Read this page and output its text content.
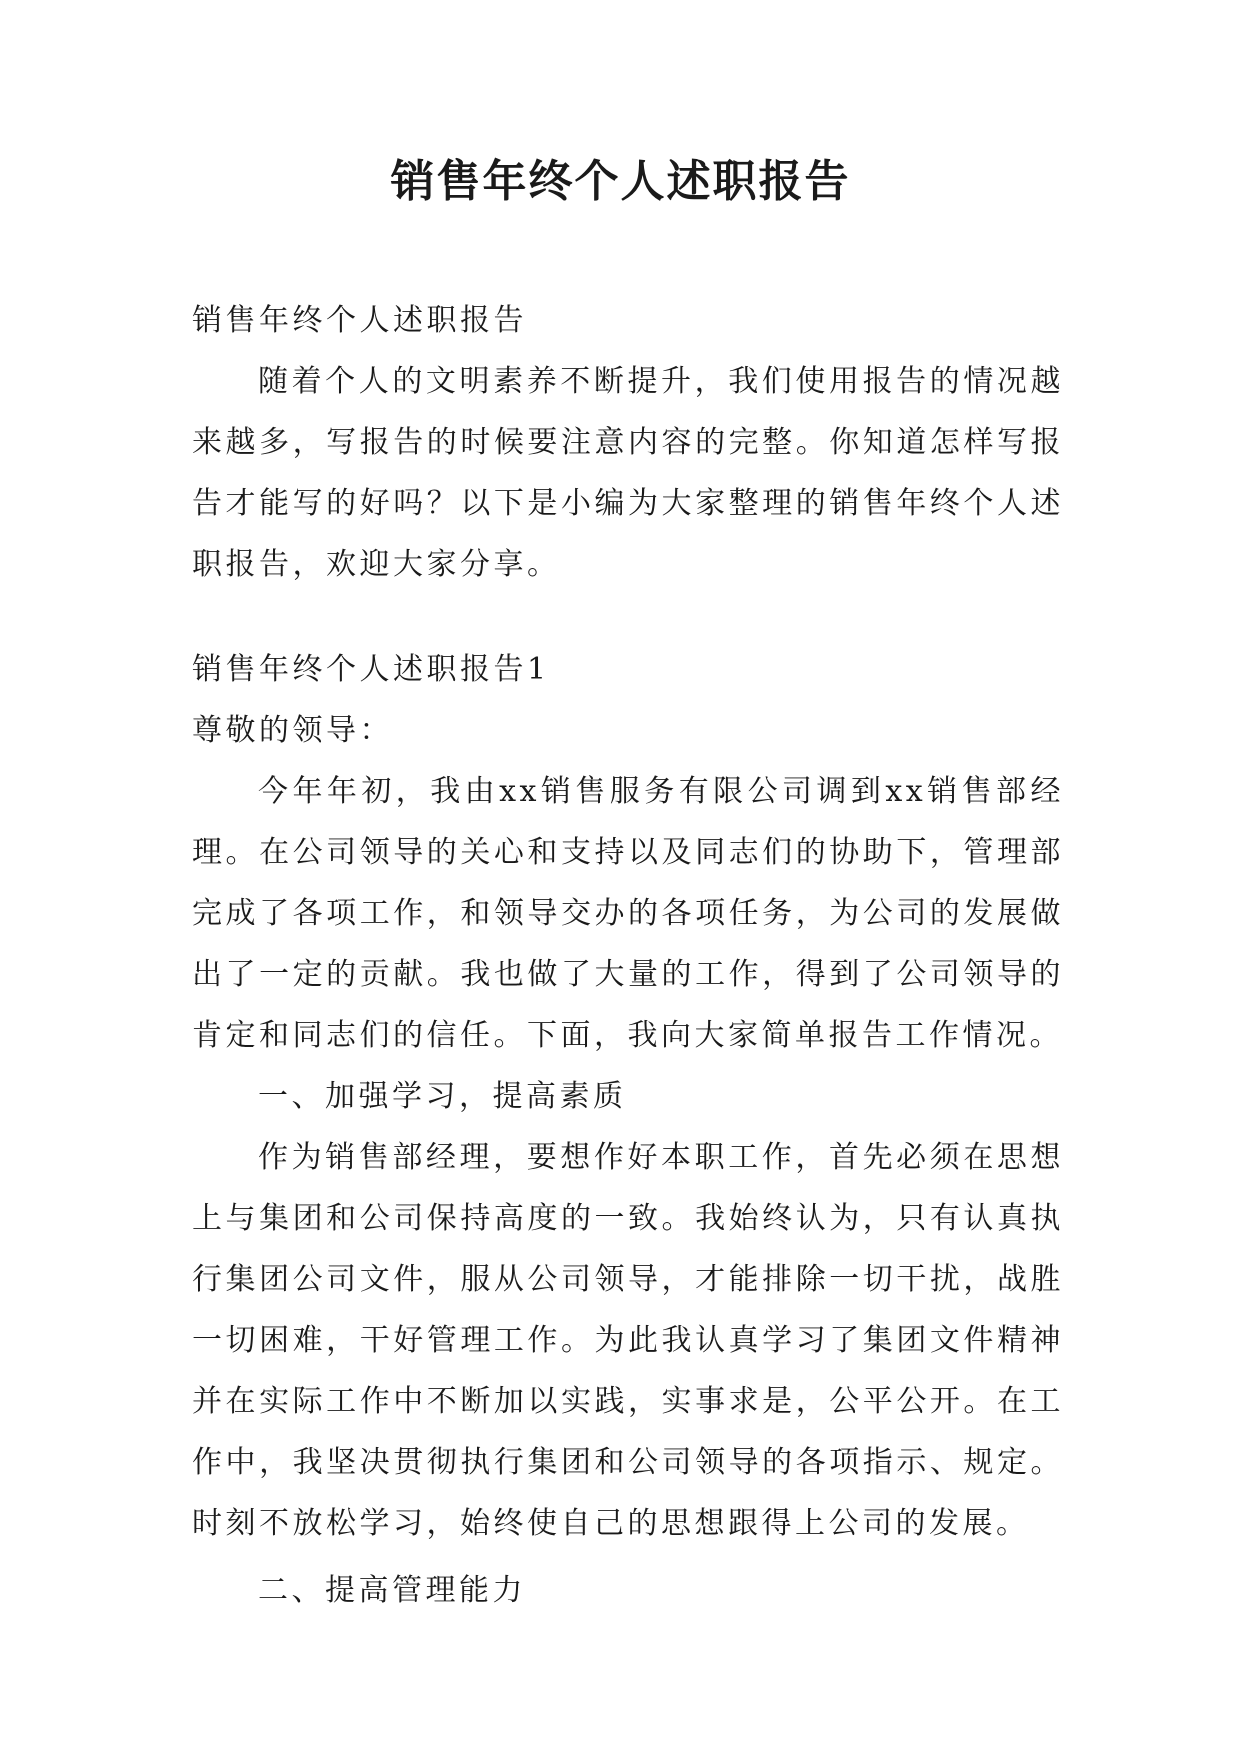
销售年终个人述职报告

销售年终个人述职报告

随着个人的文明素养不断提升，我们使用报告的情况越来越多，写报告的时候要注意内容的完整。你知道怎样写报告才能写的好吗？以下是小编为大家整理的销售年终个人述职报告，欢迎大家分享。

销售年终个人述职报告1

尊敬的领导：

今年年初，我由xx销售服务有限公司调到xx销售部经理。在公司领导的关心和支持以及同志们的协助下，管理部完成了各项工作，和领导交办的各项任务，为公司的发展做出了一定的贡献。我也做了大量的工作，得到了公司领导的肯定和同志们的信任。下面，我向大家简单报告工作情况。

一、加强学习，提高素质

作为销售部经理，要想作好本职工作，首先必须在思想上与集团和公司保持高度的一致。我始终认为，只有认真执行集团公司文件，服从公司领导，才能排除一切干扰，战胜一切困难，干好管理工作。为此我认真学习了集团文件精神并在实际工作中不断加以实践，实事求是，公平公开。在工作中，我坚决贯彻执行集团和公司领导的各项指示、规定。时刻不放松学习，始终使自己的思想跟得上公司的发展。

二、提高管理能力
